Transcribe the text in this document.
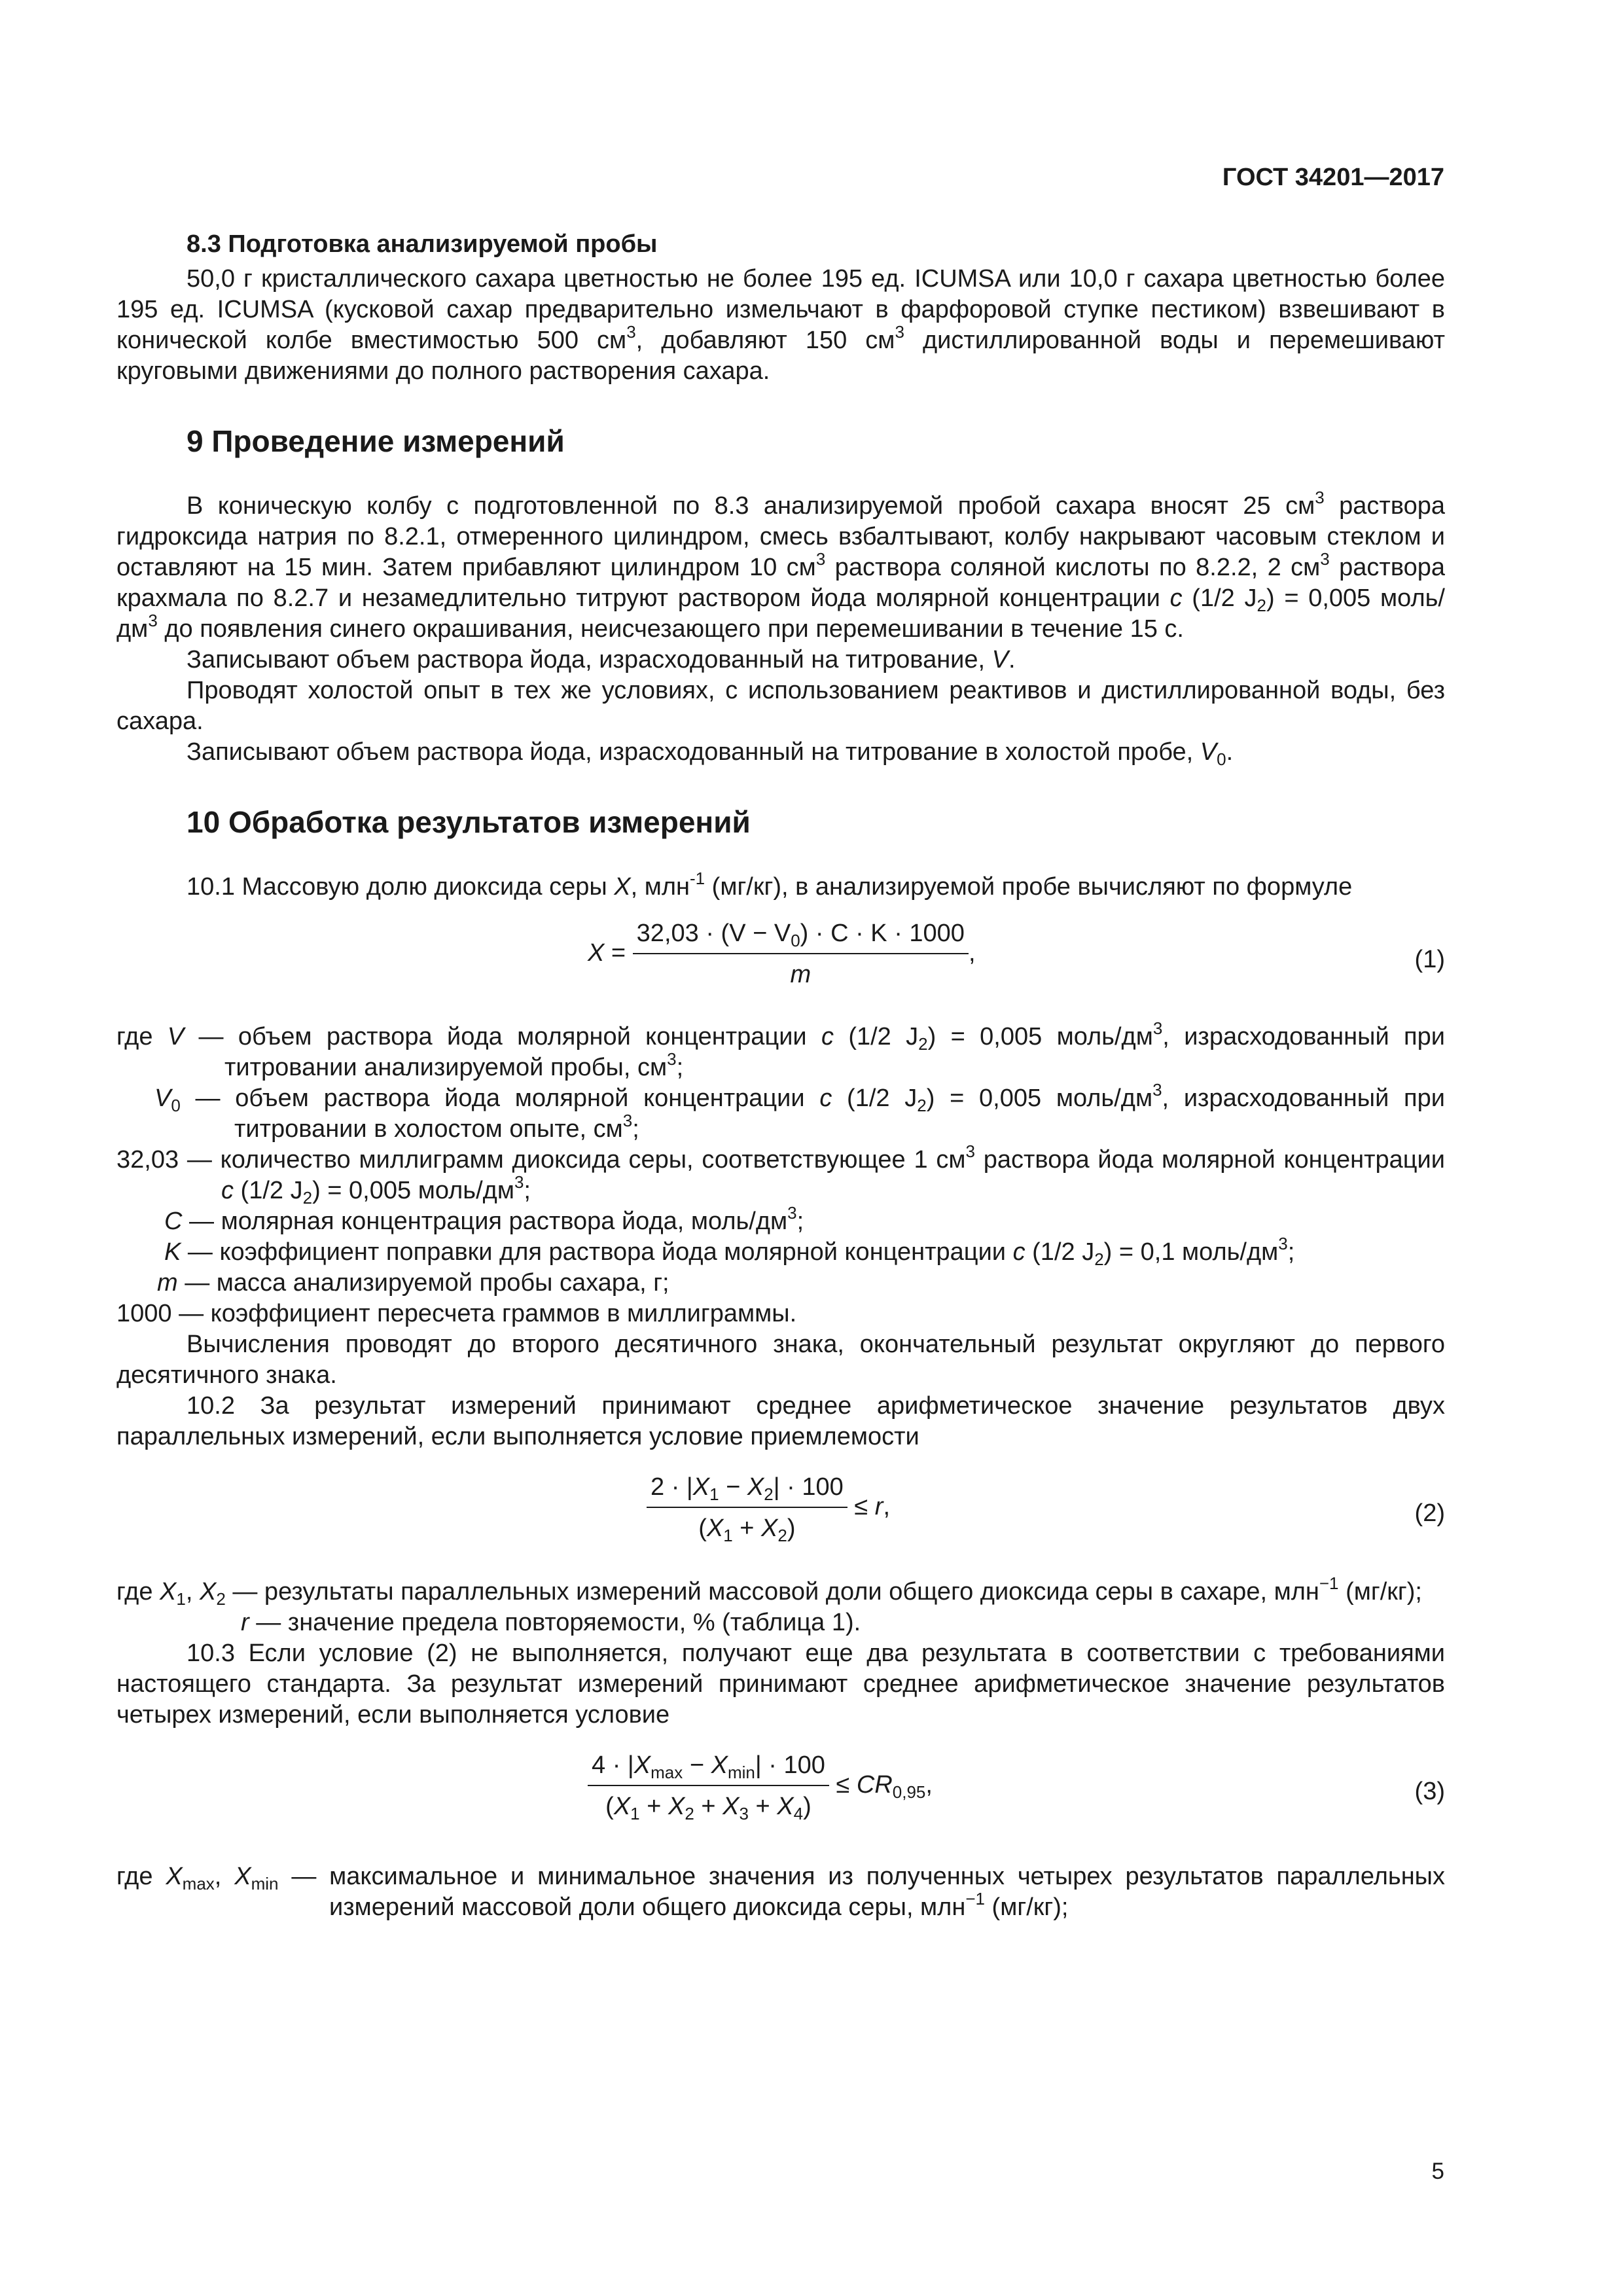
ГОСТ 34201—2017

8.3 Подготовка анализируемой пробы

50,0 г кристаллического сахара цветностью не более 195 ед. ICUMSA или 10,0 г сахара цветностью более 195 ед. ICUMSA (кусковой сахар предварительно измельчают в фарфоровой ступке пестиком) взвешивают в конической колбе вместимостью 500 $см^3$, добавляют 150 $см^3$ дистиллированной воды и перемешивают круговыми движениями до полного растворения сахара.

9 Проведение измерений

В коническую колбу с подготовленной по 8.3 анализируемой пробой сахара вносят 25 $см^3$ раствора гидроксида натрия по 8.2.1, отмеренного цилиндром, смесь взбалтывают, колбу накрывают часовым стеклом и оставляют на 15 мин. Затем прибавляют цилиндром 10 $см^3$ раствора соляной кислоты по 8.2.2, 2 $см^3$ раствора крахмала по 8.2.7 и незамедлительно титруют раствором йода молярной концентрации c (1/2 $J_2) = 0,005$ моль/$дм^3$ до появления синего окрашивания, неисчезающего при перемешивании в течение 15 с.

Записывают объем раствора йода, израсходованный на титрование, V.

Проводят холостой опыт в тех же условиях, с использованием реактивов и дистиллированной воды, без сахара.

Записывают объем раствора йода, израсходованный на титрование в холостой пробе, $V_0$.

10 Обработка результатов измерений

10.1 Массовую долю диоксида серы X, млн$^{-1}$ (мг/кг), в анализируемой пробе вычисляют по формуле

$X = \frac{32,03 \cdot (V - V_0) \cdot C \cdot K \cdot 1000}{m}$ ,	(1)

где V — объем раствора йода молярной концентрации c (1/2 $J_2) = 0,005$ моль/$дм^3$, израсходованный при титровании анализируемой пробы, $см^3$;

$V_0$ — объем раствора йода молярной концентрации c (1/2 $J_2) = 0,005$ моль/$дм^3$, израсходованный при титровании в холостом опыте, $см^3$;

32,03 — количество миллиграмм диоксида серы, соответствующее 1 $см^3$ раствора йода молярной концентрации c (1/2 $J_2) = 0,005$ моль/$дм^3$;

C — молярная концентрация раствора йода, моль/$дм^3$;

K — коэффициент поправки для раствора йода молярной концентрации c (1/2 $J_2) = 0,1$ моль/$дм^3$;

m — масса анализируемой пробы сахара, г;

1000 — коэффициент пересчета граммов в миллиграммы.

Вычисления проводят до второго десятичного знака, окончательный результат округляют до первого десятичного знака.

10.2 За результат измерений принимают среднее арифметическое значение результатов двух параллельных измерений, если выполняется условие приемлемости

$\frac{2 \cdot |X_1 - X_2| \cdot 100}{(X_1 + X_2)} \le r$,	(2)

где $X_1$, $X_2$ — результаты параллельных измерений массовой доли общего диоксида серы в сахаре, млн$^{-1}$ (мг/кг);

r — значение предела повторяемости, % (таблица 1).

10.3 Если условие (2) не выполняется, получают еще два результата в соответствии с требованиями настоящего стандарта. За результат измерений принимают среднее арифметическое значение результатов четырех измерений, если выполняется условие

$\frac{4 \cdot |X_{max} - X_{min}| \cdot 100}{(X_1 + X_2 + X_3 + X_4)} \le CR_{0,95}$,	(3)

где $X_{max}$, $X_{min}$ — максимальное и минимальное значения из полученных четырех результатов параллельных измерений массовой доли общего диоксида серы, млн$^{-1}$ (мг/кг);

5
